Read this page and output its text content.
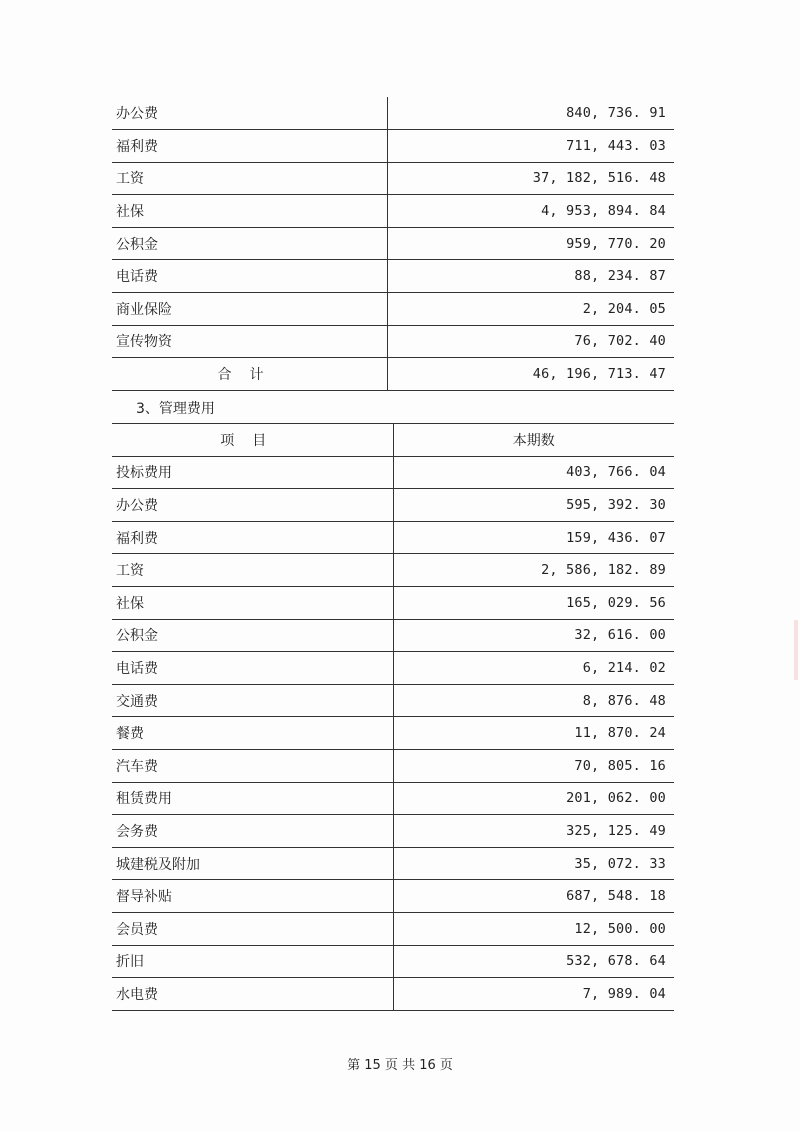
办公费	840, 736. 91
福利费	711, 443. 03
工资	37, 182, 516. 48
社保	4, 953, 894. 84
公积金	959, 770. 20
电话费	88, 234. 87
商业保险	2, 204. 05
宣传物资	76, 702. 40
合计	46, 196, 713. 47
3、管理费用
项目	本期数
投标费用	403, 766. 04
办公费	595, 392. 30
福利费	159, 436. 07
工资	2, 586, 182. 89
社保	165, 029. 56
公积金	32, 616. 00
电话费	6, 214. 02
交通费	8, 876. 48
餐费	11, 870. 24
汽车费	70, 805. 16
租赁费用	201, 062. 00
会务费	325, 125. 49
城建税及附加	35, 072. 33
督导补贴	687, 548. 18
会员费	12, 500. 00
折旧	532, 678. 64
水电费	7, 989. 04
第 15 页 共 16 页
